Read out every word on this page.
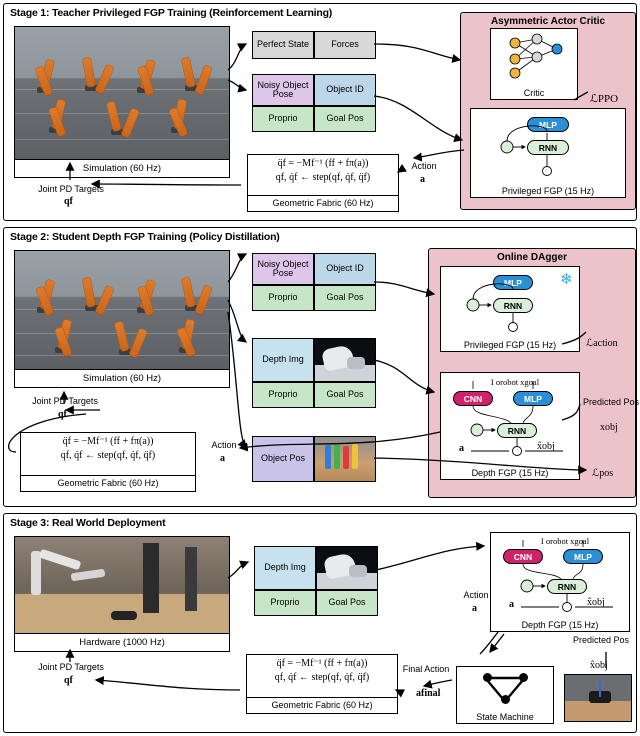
Stage 1: Teacher Privileged FGP Training (Reinforcement Learning)
Simulation (60 Hz)
Perfect State Forces
Noisy Object Pose	Object ID
Proprio	Goal Pos
Asymmetric Actor Critic
Critic
MLP
RNN
Privileged FGP (15 Hz)
ℒPPO
Action
a
q̈f = −Mf⁻¹ (ff + fπ(a))
qf, q̇f ← step(qf, q̇f, q̈f)
Geometric Fabric (60 Hz)
Joint PD Targets
qf
Stage 2: Student Depth FGP Training (Policy Distillation)
Simulation (60 Hz)
Noisy Object Pose	Object ID
Proprio	Goal Pos
Depth Img
Proprio	Goal Pos
Object Pos
Online DAgger
MLP
RNN
Privileged FGP (15 Hz)
❄
ℒaction
I orobot xgoal
CNN	MLP
RNN
a	x̂obj
Depth FGP (15 Hz)
Predicted Pos
xobj
ℒpos
Action
a
q̈f = −Mf⁻¹ (ff + fπ(a))
qf, q̇f ← step(qf, q̇f, q̈f)
Geometric Fabric (60 Hz)
Joint PD Targets
qf
Stage 3: Real World Deployment
Hardware (1000 Hz)
Depth Img
Proprio	Goal Pos
I orobot xgoal
CNN	MLP
RNN
a	x̂obj
Depth FGP (15 Hz)
Action
a
Predicted Pos
x̂obj
State Machine
Final Action
afinal
q̈f = −Mf⁻¹ (ff + fπ(a))
qf, q̇f ← step(qf, q̇f, q̈f)
Geometric Fabric (60 Hz)
Joint PD Targets
qf
